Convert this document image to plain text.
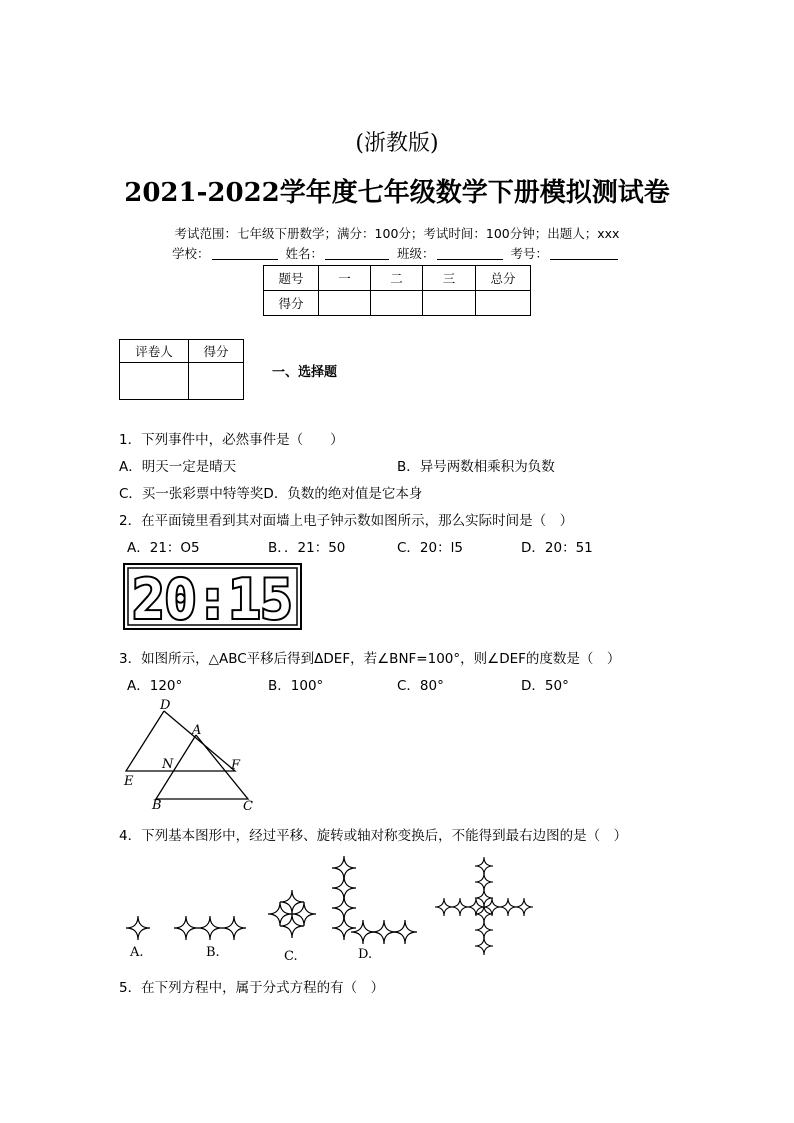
(浙教版)
2021-2022学年度七年级数学下册模拟测试卷
考试范围：七年级下册数学；满分：100分；考试时间：100分钟；出题人；xxx
学校：	姓名：	班级：	考号：
题号	一	二	三	总分
得分				
评卷人	得分

一、选择题
1．下列事件中，必然事件是（　　）
A．明天一定是晴天	B．异号两数相乘积为负数
C．买一张彩票中特等奖D．负数的绝对值是它本身
2．在平面镜里看到其对面墙上电子钟示数如图所示，那么实际时间是（　）
A．21：O5	B．．21：50	C．20：l5	D．20：51
20:15
3．如图所示，△ABC平移后得到ΔDEF，若∠BNF=100°，则∠DEF的度数是（　）
A．120°	B．100°	C．80°	D．50°
D
A
N	F
E
B	C
4．下列基本图形中，经过平移、旋转或轴对称变换后，不能得到最右边图的是（　）
A.	B.	C.	D.
5．在下列方程中，属于分式方程的有（　）
